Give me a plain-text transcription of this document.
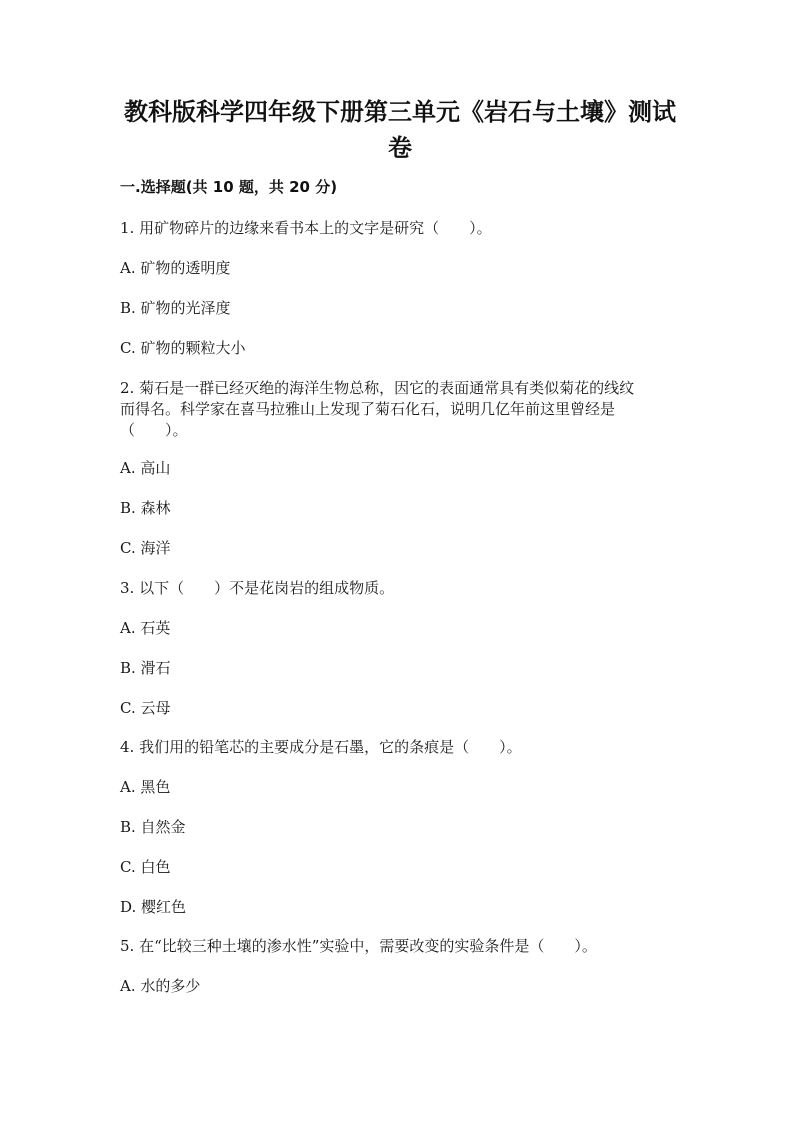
教科版科学四年级下册第三单元《岩石与土壤》测试卷
一.选择题(共 10 题，共 20 分)
1. 用矿物碎片的边缘来看书本上的文字是研究（　　）。
A. 矿物的透明度
B. 矿物的光泽度
C. 矿物的颗粒大小
2. 菊石是一群已经灭绝的海洋生物总称，因它的表面通常具有类似菊花的线纹
而得名。科学家在喜马拉雅山上发现了菊石化石，说明几亿年前这里曾经是
（　　）。
A. 高山
B. 森林
C. 海洋
3. 以下（　　）不是花岗岩的组成物质。
A. 石英
B. 滑石
C. 云母
4. 我们用的铅笔芯的主要成分是石墨，它的条痕是（　　）。
A. 黑色
B. 自然金
C. 白色
D. 樱红色
5. 在“比较三种土壤的渗水性”实验中，需要改变的实验条件是（　　）。
A. 水的多少
